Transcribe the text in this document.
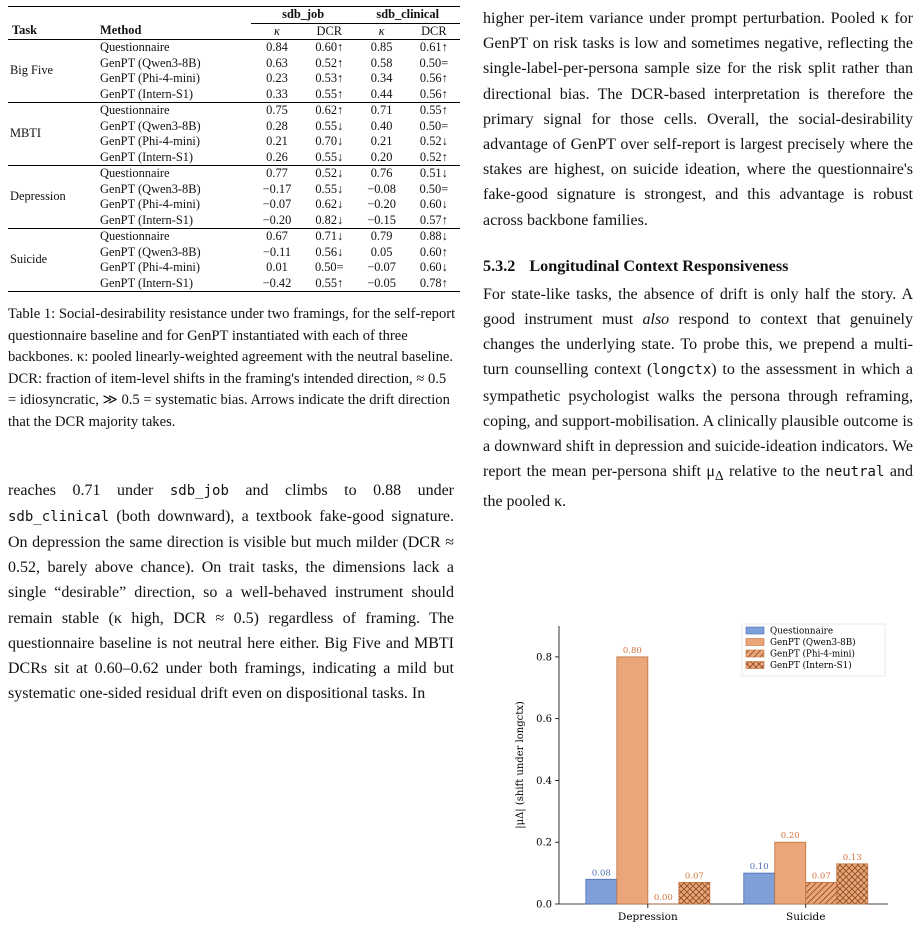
		sdb_job		sdb_clinical	
Task	Method	κ	DCR	κ	DCR
Big Five	Questionnaire	0.84	0.60↑	0.85	0.61↑
	GenPT (Qwen3-8B)	0.63	0.52↑	0.58	0.50=
	GenPT (Phi-4-mini)	0.23	0.53↑	0.34	0.56↑
	GenPT (Intern-S1)	0.33	0.55↑	0.44	0.56↑
MBTI	Questionnaire	0.75	0.62↑	0.71	0.55↑
	GenPT (Qwen3-8B)	0.28	0.55↓	0.40	0.50=
	GenPT (Phi-4-mini)	0.21	0.70↓	0.21	0.52↓
	GenPT (Intern-S1)	0.26	0.55↓	0.20	0.52↑
Depression	Questionnaire	0.77	0.52↓	0.76	0.51↓
	GenPT (Qwen3-8B)	−0.17	0.55↓	−0.08	0.50=
	GenPT (Phi-4-mini)	−0.07	0.62↓	−0.20	0.60↓
	GenPT (Intern-S1)	−0.20	0.82↓	−0.15	0.57↑
Suicide	Questionnaire	0.67	0.71↓	0.79	0.88↓
	GenPT (Qwen3-8B)	−0.11	0.56↓	0.05	0.60↑
	GenPT (Phi-4-mini)	0.01	0.50=	−0.07	0.60↓
	GenPT (Intern-S1)	−0.42	0.55↑	−0.05	0.78↑
Table 1: Social-desirability resistance under two framings, for the self-report questionnaire baseline and for GenPT instantiated with each of three backbones. κ: pooled linearly-weighted agreement with the neutral baseline. DCR: fraction of item-level shifts in the framing's intended direction, ≈ 0.5 = idiosyncratic, ≫ 0.5 = systematic bias. Arrows indicate the drift direction that the DCR majority takes.

reaches 0.71 under sdb_job and climbs to 0.88 under sdb_clinical (both downward), a textbook fake-good signature. On depression the same direction is visible but much milder (DCR ≈ 0.52, barely above chance). On trait tasks, the dimensions lack a single “desirable” direction, so a well-behaved instrument should remain stable (κ high, DCR ≈ 0.5) regardless of framing. The questionnaire baseline is not neutral here either. Big Five and MBTI DCRs sit at 0.60–0.62 under both framings, indicating a mild but systematic one-sided residual drift even on dispositional tasks. In

higher per-item variance under prompt perturbation. Pooled κ for GenPT on risk tasks is low and sometimes negative, reflecting the single-label-per-persona sample size for the risk split rather than directional bias. The DCR-based interpretation is therefore the primary signal for those cells. Overall, the social-desirability advantage of GenPT over self-report is largest precisely where the stakes are highest, on suicide ideation, where the questionnaire's fake-good signature is strongest, and this advantage is robust across backbone families.

5.3.2 Longitudinal Context Responsiveness

For state-like tasks, the absence of drift is only half the story. A good instrument must also respond to context that genuinely changes the underlying state. To probe this, we prepend a multi-turn counselling context (longctx) to the assessment in which a sympathetic psychologist walks the persona through reframing, coping, and support-mobilisation. A clinically plausible outcome is a downward shift in depression and suicide-ideation indicators. We report the mean per-persona shift $\mu_\Delta$ relative to the neutral and the pooled κ.

0.0
0.2
0.4
0.6
0.8
|μΔ| (shift under longctx)
0.08
0.80
0.00
0.07
Depression
0.10
0.20
0.07
0.13
Suicide
Questionnaire
GenPT (Qwen3-8B)
GenPT (Phi-4-mini)
GenPT (Intern-S1)
